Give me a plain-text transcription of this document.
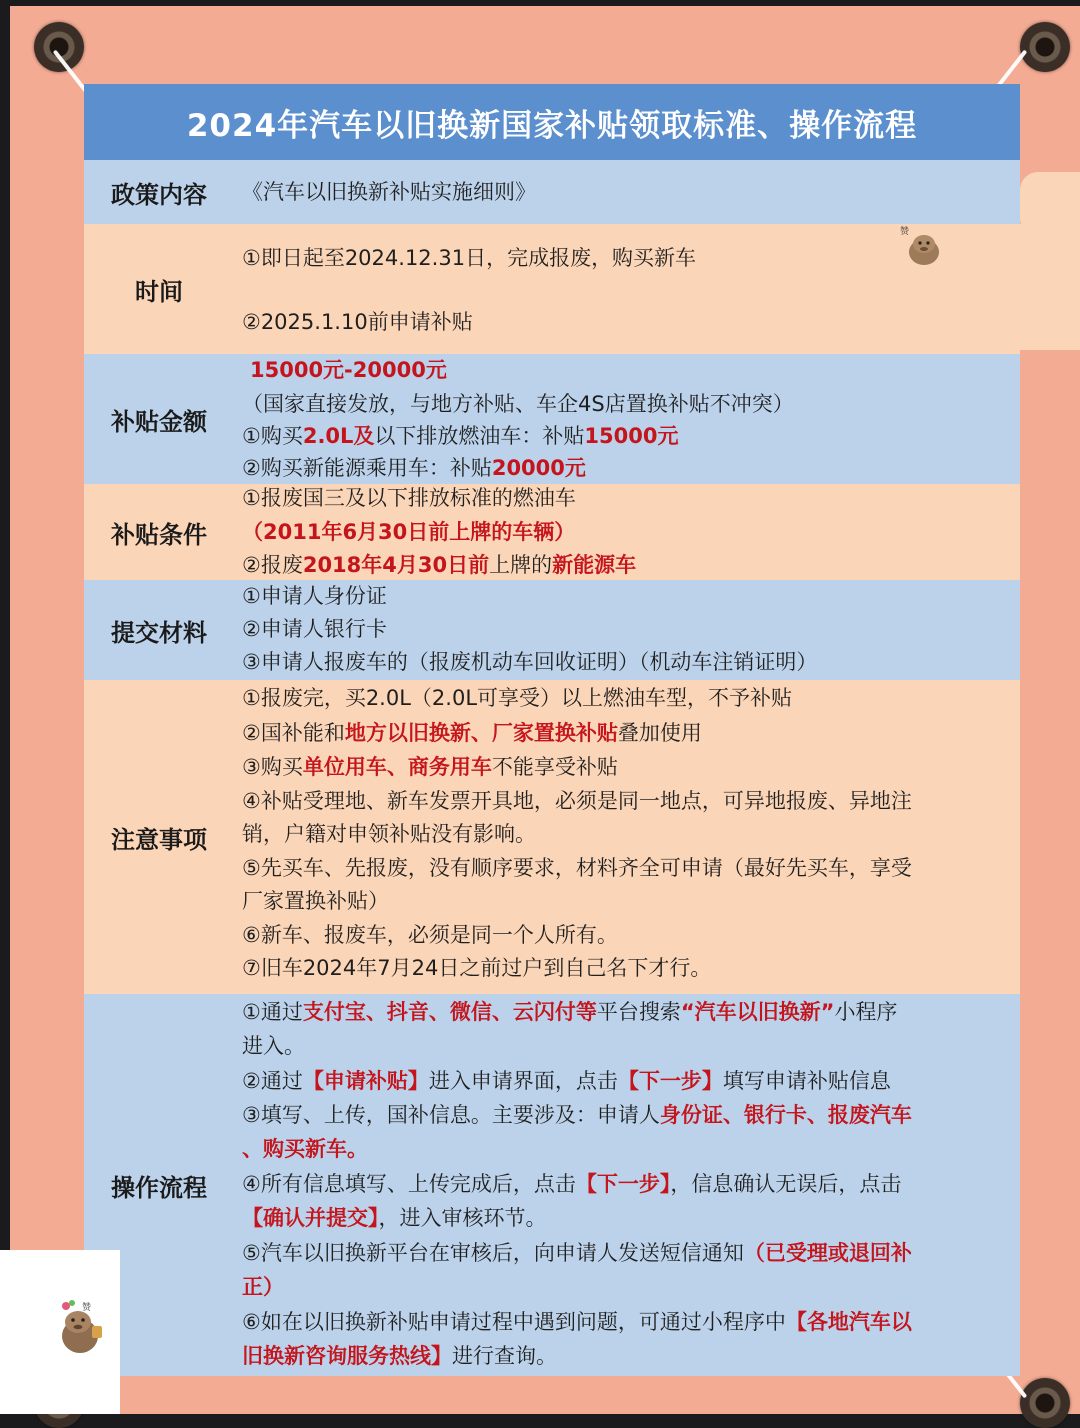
2024年汽车以旧换新国家补贴领取标准、操作流程
政策内容	《汽车以旧换新补贴实施细则》
时间
①即日起至2024.12.31日，完成报废，购买新车
②2025.1.10前申请补贴
补贴金额
15000元-20000元
（国家直接发放，与地方补贴、车企4S店置换补贴不冲突）
①购买2.0L及以下排放燃油车：补贴15000元
②购买新能源乘用车：补贴20000元
补贴条件
①报废国三及以下排放标准的燃油车
（2011年6月30日前上牌的车辆）
②报废2018年4月30日前上牌的新能源车
提交材料
①申请人身份证
②申请人银行卡
③申请人报废车的（报废机动车回收证明）（机动车注销证明）
注意事项
①报废完，买2.0L（2.0L可享受）以上燃油车型，不予补贴
②国补能和地方以旧换新、厂家置换补贴叠加使用
③购买单位用车、商务用车不能享受补贴
④补贴受理地、新车发票开具地，必须是同一地点，可异地报废、异地注
销，户籍对申领补贴没有影响。
⑤先买车、先报废，没有顺序要求，材料齐全可申请（最好先买车，享受
厂家置换补贴）
⑥新车、报废车，必须是同一个人所有。
⑦旧车2024年7月24日之前过户到自己名下才行。
操作流程
①通过支付宝、抖音、微信、云闪付等平台搜索“汽车以旧换新”小程序
进入。
②通过【申请补贴】进入申请界面，点击【下一步】填写申请补贴信息
③填写、上传，国补信息。主要涉及：申请人身份证、银行卡、报废汽车
、购买新车。
④所有信息填写、上传完成后，点击【下一步】，信息确认无误后，点击
【确认并提交】，进入审核环节。
⑤汽车以旧换新平台在审核后，向申请人发送短信通知（已受理或退回补
正）
⑥如在以旧换新补贴申请过程中遇到问题，可通过小程序中【各地汽车以
旧换新咨询服务热线】进行查询。
赞
赞
